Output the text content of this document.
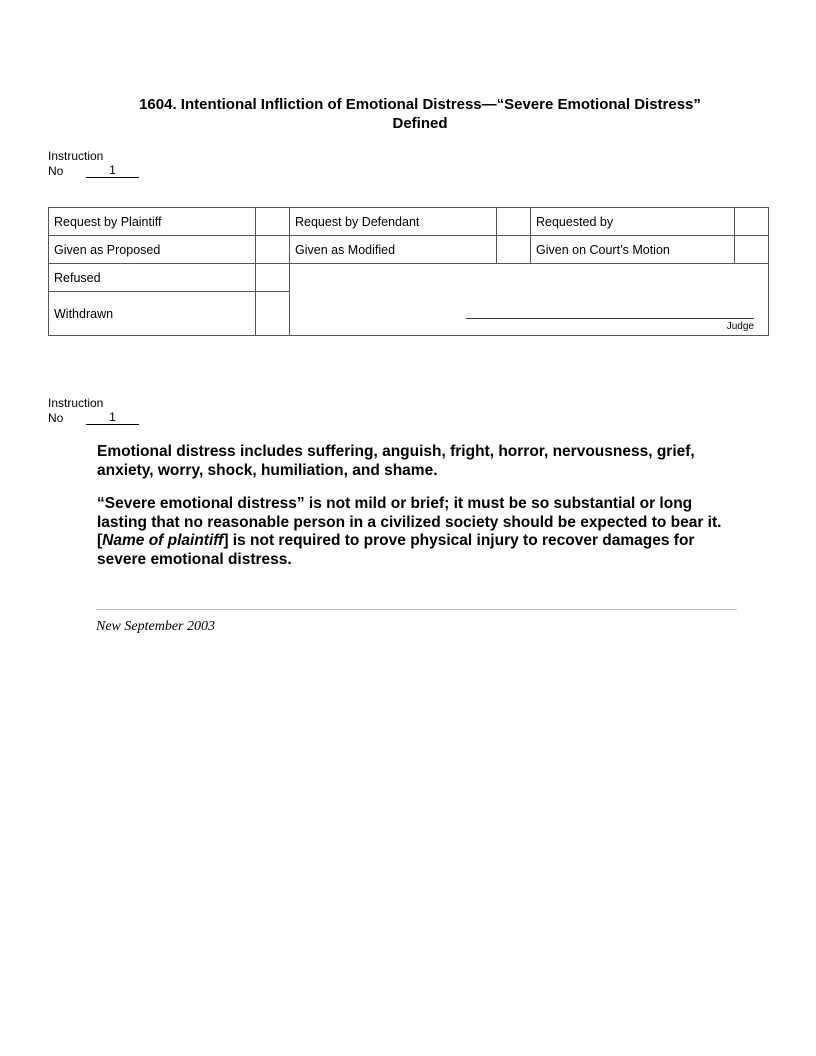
1604. Intentional Infliction of Emotional Distress—“Severe Emotional Distress”
Defined
Instruction
No	1
Request by Plaintiff		Request by Defendant		Requested by	
Given as Proposed		Given as Modified		Given on Court’s Motion	
Refused		Judge			

Withdrawn					
Instruction
No	1

Emotional distress includes suffering, anguish, fright, horror, nervousness, grief, anxiety, worry, shock, humiliation, and shame.

“Severe emotional distress” is not mild or brief; it must be so substantial or long lasting that no reasonable person in a civilized society should be expected to bear it. [Name of plaintiff] is not required to prove physical injury to recover damages for severe emotional distress.

New September 2003
